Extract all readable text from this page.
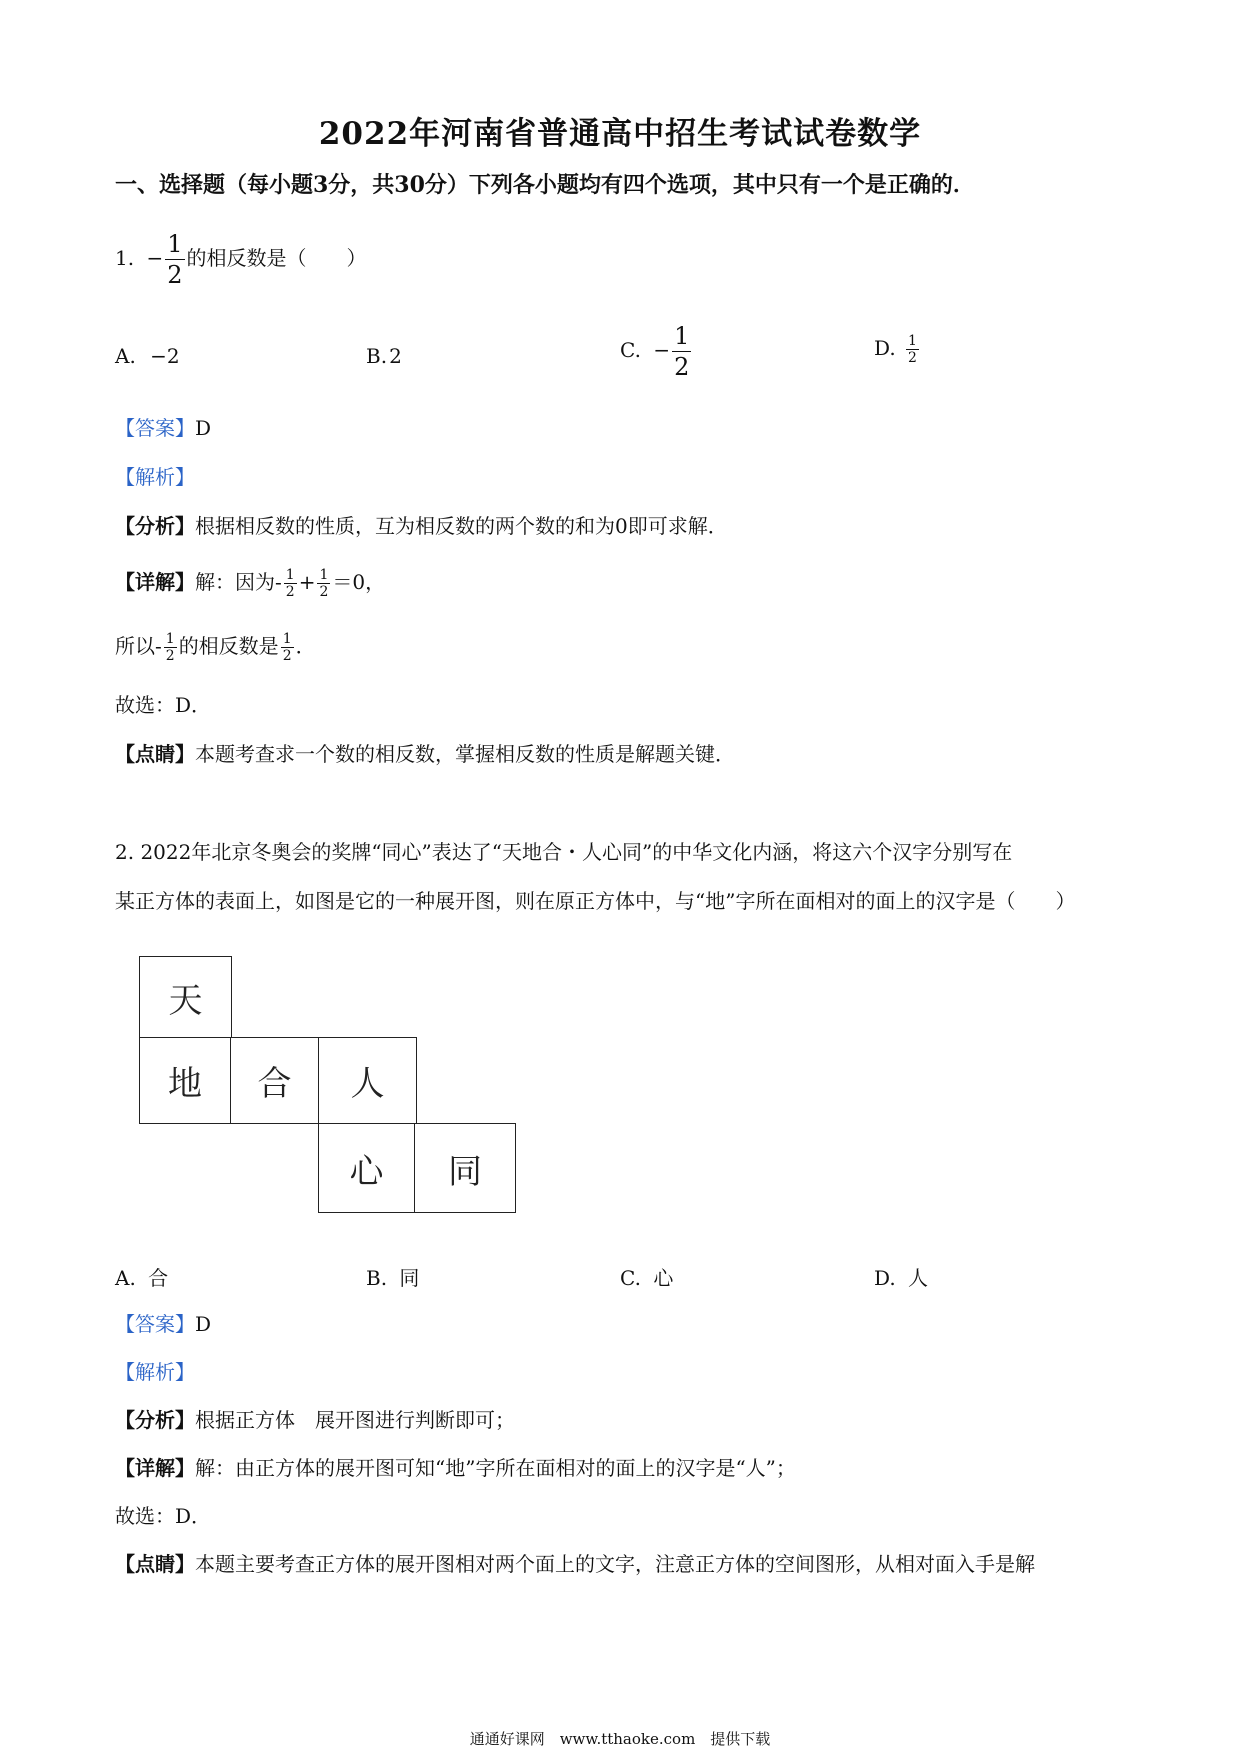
2022年河南省普通高中招生考试试卷数学
一、选择题（每小题3分，共30分）下列各小题均有四个选项，其中只有一个是正确的．
1. − $\frac{1}{2}$ 的相反数是（　　）
A. −2	B. 2	C. − $\frac{1}{2}$	D. $\frac{1}{2}$
【答案】D
【解析】
【分析】根据相反数的性质，互为相反数的两个数的和为0即可求解．
【详解】解：因为- $\frac{1}{2} + \frac{1}{2} =0$，
所以- $\frac{1}{2}$ 的相反数是 $\frac{1}{2}$ ．
故选：D．
【点睛】本题考查求一个数的相反数，掌握相反数的性质是解题关键．
2. 2022年北京冬奥会的奖牌“同心”表达了“天地合・人心同”的中华文化内涵，将这六个汉字分别写在
某正方体的表面上，如图是它的一种展开图，则在原正方体中，与“地”字所在面相对的面上的汉字是（　　）
天
地	合	人
心	同
A. 合	B. 同	C. 心	D. 人
【答案】D
【解析】
【分析】根据正方体　展开图进行判断即可；
【详解】解：由正方体的展开图可知“地”字所在面相对的面上的汉字是“人”；
故选：D．
【点睛】本题主要考查正方体的展开图相对两个面上的文字，注意正方体的空间图形，从相对面入手是解
通通好课网　www.tthaoke.com　提供下载
